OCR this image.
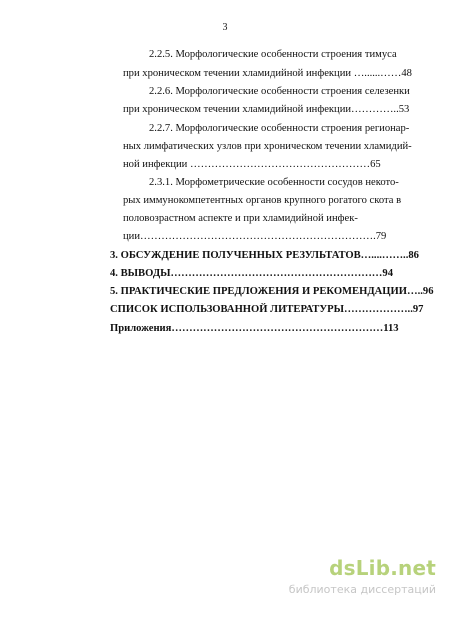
3
2.2.5. Морфологические особенности строения тимуса
при хроническом течении хламидийной инфекции …......……48
2.2.6. Морфологические особенности строения селезенки
при хроническом течении хламидийной инфекции…………..53
2.2.7. Морфологические особенности строения регионар-
ных лимфатических узлов при хроническом течении хламидий-
ной инфекции ……………………………………………65
2.3.1. Морфометрические особенности сосудов некото-
рых иммунокомпетентных органов крупного рогатого скота в
половозрастном аспекте и при хламидийной инфек-
ции………………………………………………………….79
3. ОБСУЖДЕНИЕ ПОЛУЧЕННЫХ РЕЗУЛЬТАТОВ…....……..86
4. ВЫВОДЫ……………………………………………………94
5. ПРАКТИЧЕСКИЕ ПРЕДЛОЖЕНИЯ И РЕКОМЕНДАЦИИ…..96
СПИСОК ИСПОЛЬЗОВАННОЙ ЛИТЕРАТУРЫ………………..97
Приложения……………………………………………………113
dsLib.net
библиотека диссертаций
